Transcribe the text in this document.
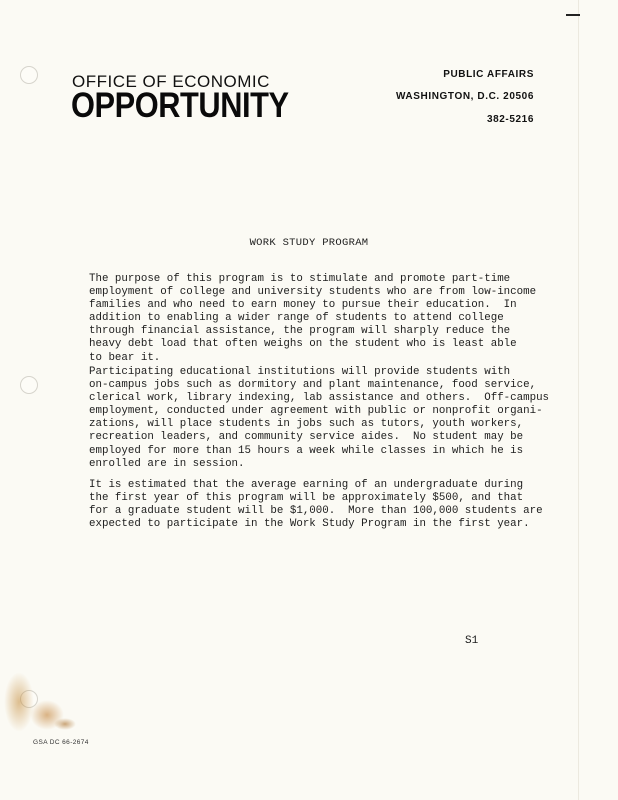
OFFICE OF ECONOMIC
OPPORTUNITY
PUBLIC AFFAIRS
WASHINGTON, D.C. 20506
382-5216
WORK STUDY PROGRAM
The purpose of this program is to stimulate and promote part-time
employment of college and university students who are from low-income
families and who need to earn money to pursue their education.  In
addition to enabling a wider range of students to attend college
through financial assistance, the program will sharply reduce the
heavy debt load that often weighs on the student who is least able
to bear it.
Participating educational institutions will provide students with
on-campus jobs such as dormitory and plant maintenance, food service,
clerical work, library indexing, lab assistance and others.  Off-campus
employment, conducted under agreement with public or nonprofit organi-
zations, will place students in jobs such as tutors, youth workers,
recreation leaders, and community service aides.  No student may be
employed for more than 15 hours a week while classes in which he is
enrolled are in session.
It is estimated that the average earning of an undergraduate during
the first year of this program will be approximately $500, and that
for a graduate student will be $1,000.  More than 100,000 students are
expected to participate in the Work Study Program in the first year.
S1
GSA DC 66-2674
